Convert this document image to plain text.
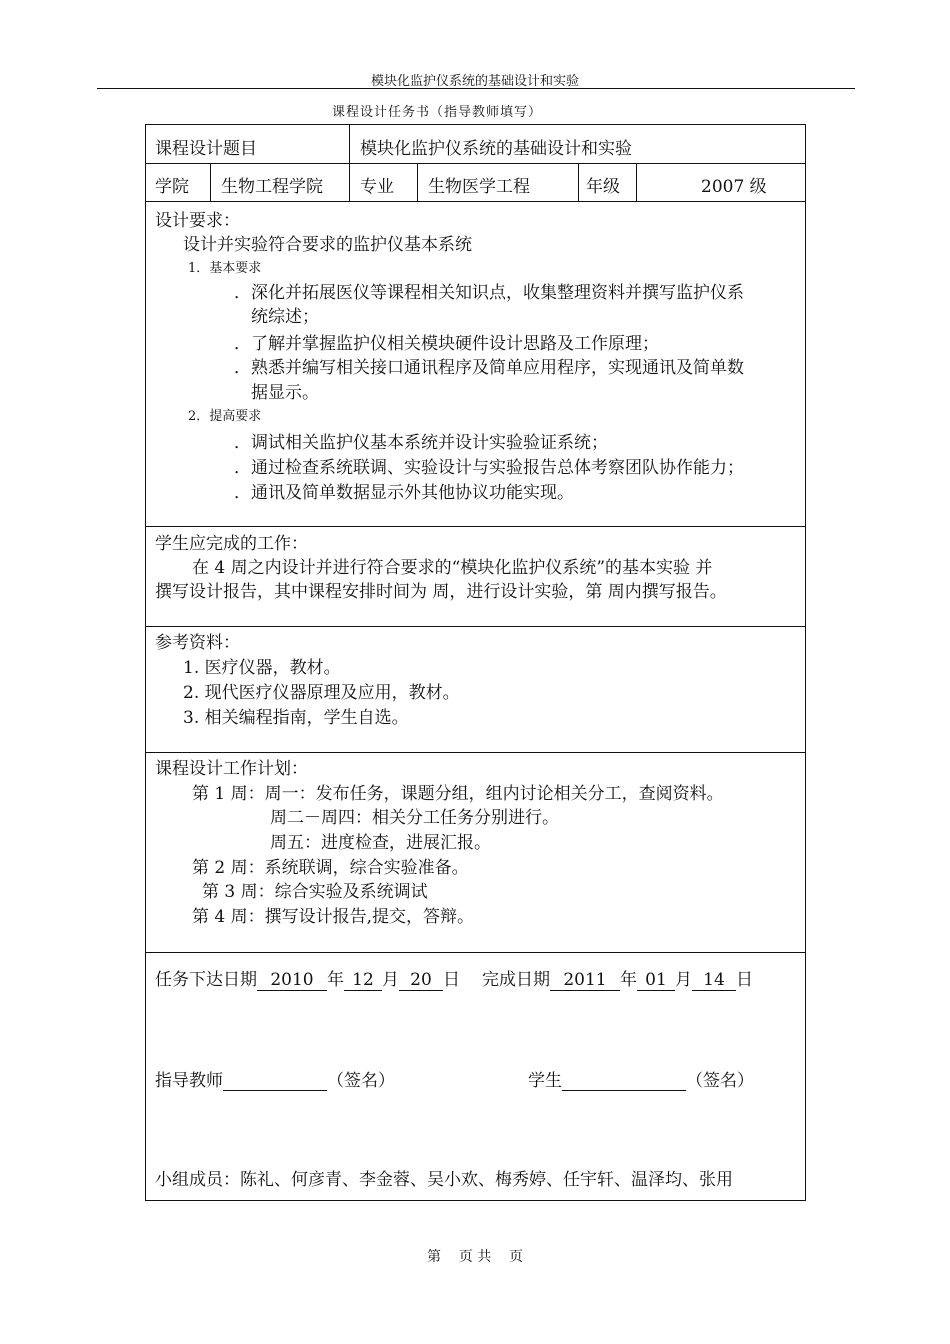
模块化监护仪系统的基础设计和实验
课程设计任务书（指导教师填写）
课程设计题目	模块化监护仪系统的基础设计和实验
学院 生物工程学院 专业 生物医学工程	年级	2007 级
设计要求：
设计并实验符合要求的监护仪基本系统
1．基本要求
．深化并拓展医仪等课程相关知识点，收集整理资料并撰写监护仪系
统综述；
．了解并掌握监护仪相关模块硬件设计思路及工作原理；
．熟悉并编写相关接口通讯程序及简单应用程序，实现通讯及简单数
据显示。
2．提高要求
．调试相关监护仪基本系统并设计实验验证系统；
．通过检查系统联调、实验设计与实验报告总体考察团队协作能力；
．通讯及简单数据显示外其他协议功能实现。
学生应完成的工作：
在 4 周之内设计并进行符合要求的“模块化监护仪系统”的基本实验 并
撰写设计报告，其中课程安排时间为 周，进行设计实验，第 周内撰写报告。
参考资料：
1. 医疗仪器，教材。
2. 现代医疗仪器原理及应用，教材。
3. 相关编程指南，学生自选。
课程设计工作计划：
第 1 周：周一：发布任务，课题分组，组内讨论相关分工，查阅资料。
周二－周四：相关分工任务分别进行。
周五：进度检查，进展汇报。
第 2 周：系统联调，综合实验准备。
第 3 周：综合实验及系统调试
第 4 周：撰写设计报告,提交，答辩。
任务下达日期 2010 年 12 月 20 日 完成日期 2011 年 01 月 14 日
指导教师	（签名）	学生	（签名）
小组成员：陈礼、何彦青、李金蓉、吴小欢、梅秀婷、任宇轩、温泽均、张用
第    页 共    页
